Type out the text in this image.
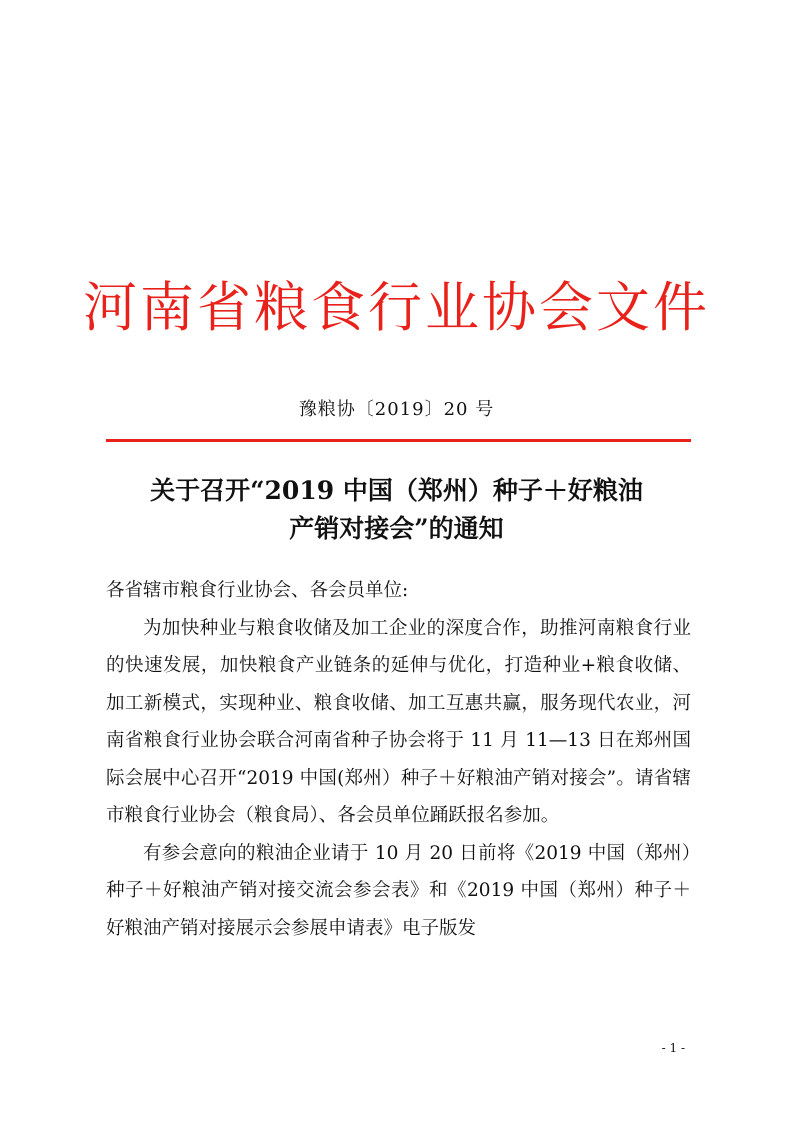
河南省粮食行业协会文件
豫粮协〔2019〕20 号
关于召开“2019 中国（郑州）种子＋好粮油
产销对接会”的通知

各省辖市粮食行业协会、各会员单位:

为加快种业与粮食收储及加工企业的深度合作，助推河南粮食行业的快速发展，加快粮食产业链条的延伸与优化，打造种业+粮食收储、加工新模式，实现种业、粮食收储、加工互惠共赢，服务现代农业，河南省粮食行业协会联合河南省种子协会将于 11 月 11—13 日在郑州国际会展中心召开“2019 中国(郑州）种子＋好粮油产销对接会”。请省辖市粮食行业协会（粮食局）、各会员单位踊跃报名参加。

有参会意向的粮油企业请于 10 月 20 日前将《2019 中国（郑州）种子＋好粮油产销对接交流会参会表》和《2019 中国（郑州）种子＋好粮油产销对接展示会参展申请表》电子版发

- 1 -
